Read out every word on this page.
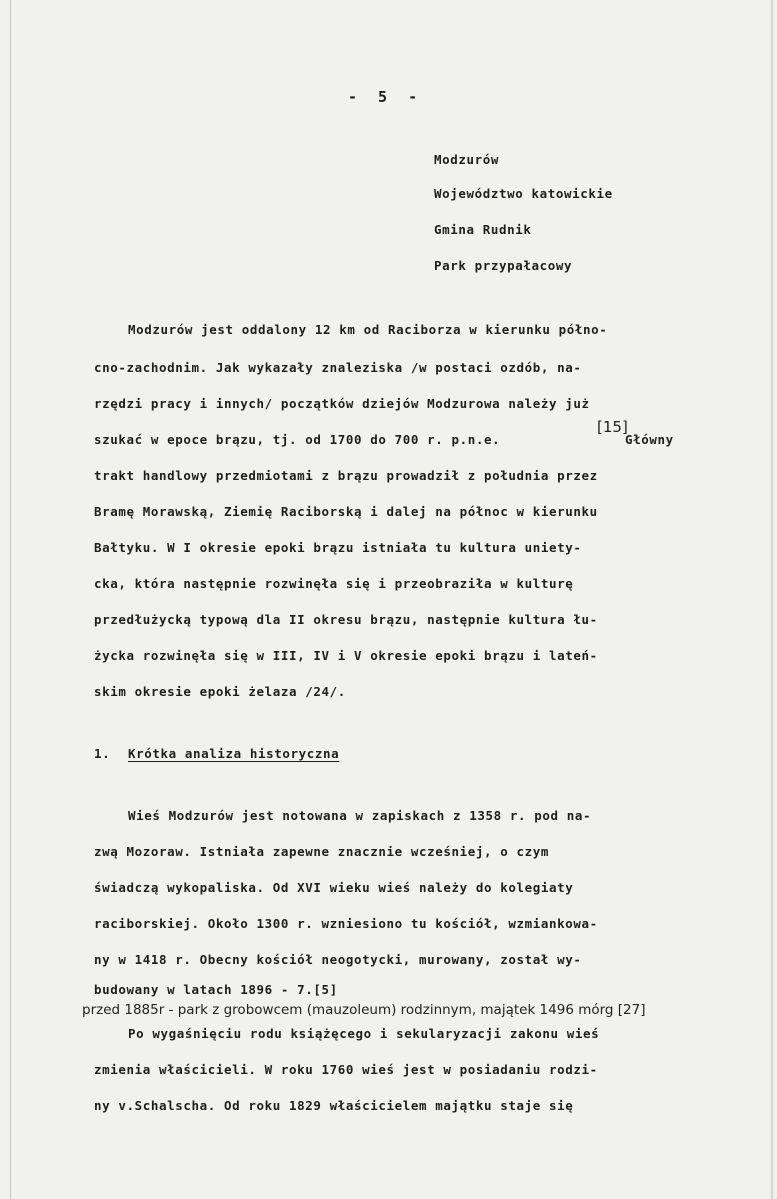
- 5 -
Modzurów
Województwo katowickie
Gmina Rudnik
Park przypałacowy
Modzurów jest oddalony 12 km od Raciborza w kierunku półno-
cno-zachodnim. Jak wykazały znaleziska /w postaci ozdób, na-
rzędzi pracy i innych/ początków dziejów Modzurowa należy już
szukać w epoce brązu, tj. od 1700 do 700 r. p.n.e.
[15]
Główny
trakt handlowy przedmiotami z brązu prowadził z południa przez
Bramę Morawską, Ziemię Raciborską i dalej na północ w kierunku
Bałtyku. W I okresie epoki brązu istniała tu kultura uniety-
cka, która następnie rozwinęła się i przeobraziła w kulturę
przedłużycką typową dla II okresu brązu, następnie kultura łu-
życka rozwinęła się w III, IV i V okresie epoki brązu i lateń-
skim okresie epoki żelaza /24/.
1. Krótka analiza historyczna
Wieś Modzurów jest notowana w zapiskach z 1358 r. pod na-
zwą Mozoraw. Istniała zapewne znacznie wcześniej, o czym
świadczą wykopaliska. Od XVI wieku wieś należy do kolegiaty
raciborskiej. Około 1300 r. wzniesiono tu kościół, wzmiankowa-
ny w 1418 r. Obecny kościół neogotycki, murowany, został wy-
budowany w latach 1896 - 7.[5]
przed 1885r - park z grobowcem (mauzoleum) rodzinnym, majątek 1496 mórg [27]
Po wygaśnięciu rodu książęcego i sekularyzacji zakonu wieś
zmienia właścicieli. W roku 1760 wieś jest w posiadaniu rodzi-
ny v.Schalscha. Od roku 1829 właścicielem majątku staje się
